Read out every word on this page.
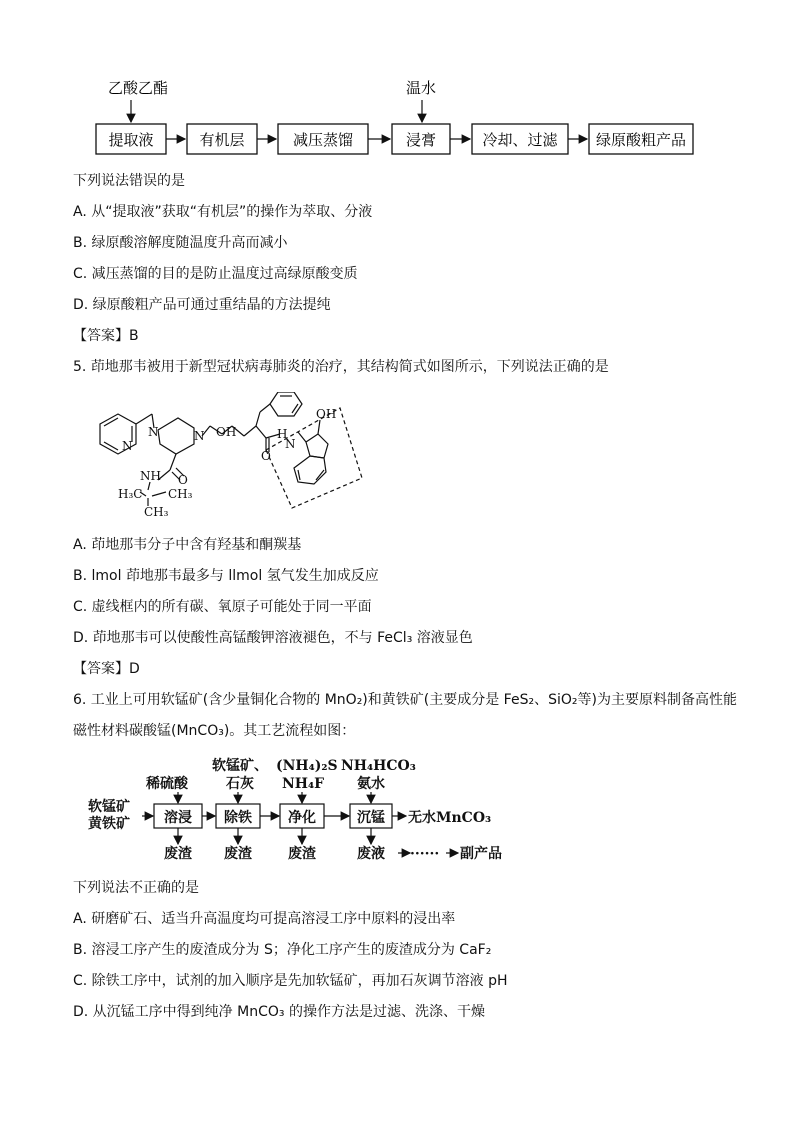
乙酸乙酯	温水
提取液	有机层	减压蒸馏	浸膏	冷却、过滤	绿原酸粗产品
下列说法错误的是
A. 从“提取液”获取“有机层”的操作为萃取、分液
B. 绿原酸溶解度随温度升高而减小
C. 减压蒸馏的目的是防止温度过高绿原酸变质
D. 绿原酸粗产品可通过重结晶的方法提纯
【答案】B
5. 茚地那韦被用于新型冠状病毒肺炎的治疗，其结构简式如图所示，下列说法正确的是
N	N
N
OH
O
H
N
OH
NH O
H₃C CH₃
CH₃
A. 茚地那韦分子中含有羟基和酮羰基
B. lmol 茚地那韦最多与 llmol 氢气发生加成反应
C. 虚线框内的所有碳、氧原子可能处于同一平面
D. 茚地那韦可以使酸性高锰酸钾溶液褪色，不与 FeCl₃ 溶液显色
【答案】D
6. 工业上可用软锰矿(含少量铜化合物的 MnO₂)和黄铁矿(主要成分是 FeS₂、SiO₂等)为主要原料制备高性能
磁性材料碳酸锰(MnCO₃)。其工艺流程如图：
软锰矿
黄铁矿
稀硫酸
软锰矿、
石灰
(NH₄)₂S
NH₄F
NH₄HCO₃
氨水
溶浸 除铁	净化	沉锰 无水MnCO₃
废渣 废渣	废渣	废液 ······ 副产品
下列说法不正确的是
A. 研磨矿石、适当升高温度均可提高溶浸工序中原料的浸出率
B. 溶浸工序产生的废渣成分为 S；净化工序产生的废渣成分为 CaF₂
C. 除铁工序中，试剂的加入顺序是先加软锰矿，再加石灰调节溶液 pH
D. 从沉锰工序中得到纯净 MnCO₃ 的操作方法是过滤、洗涤、干燥
